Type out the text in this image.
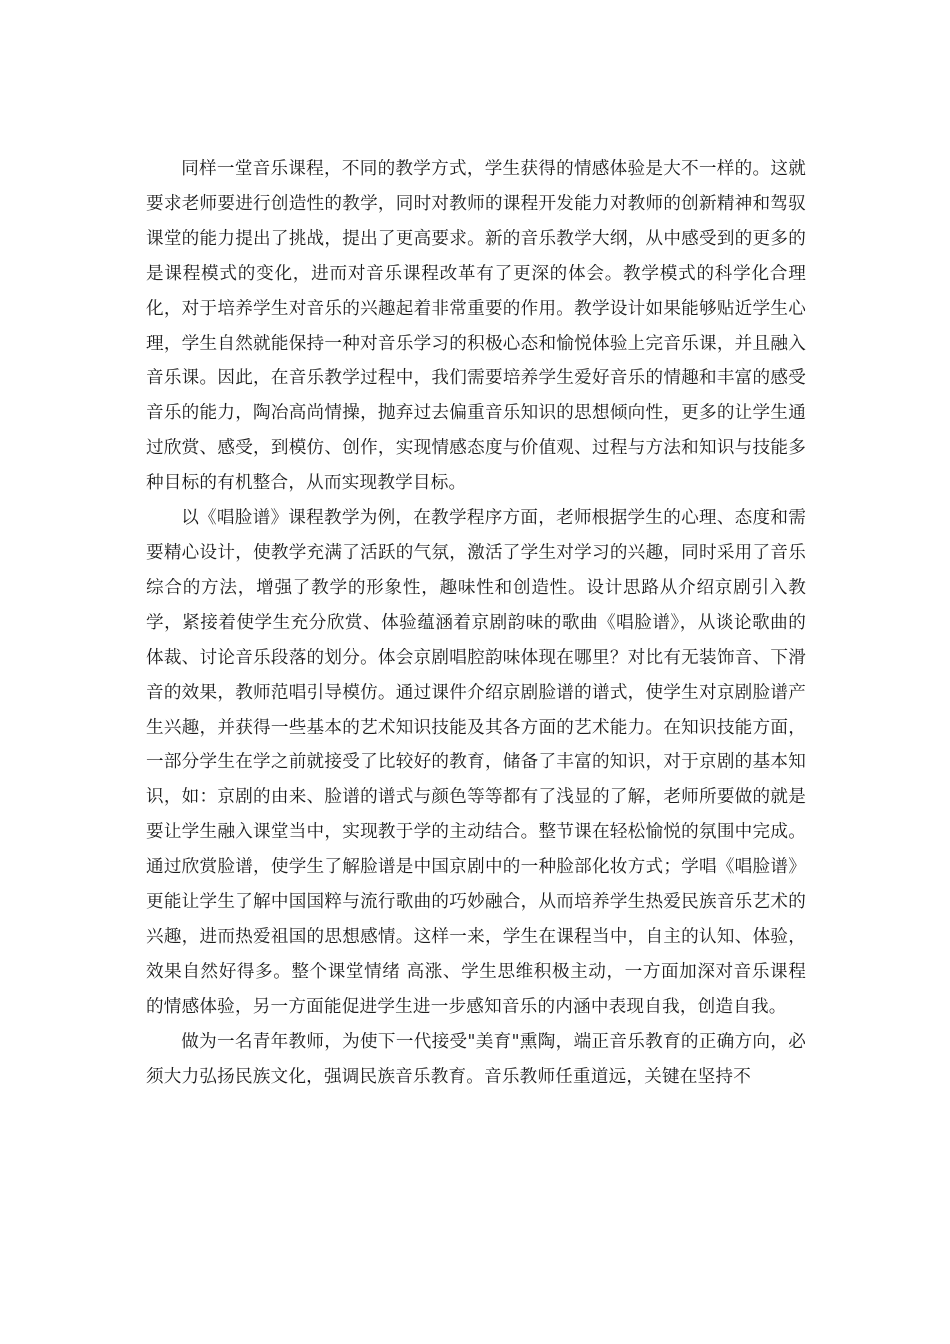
同样一堂音乐课程，不同的教学方式，学生获得的情感体验是大不一样的。这就要求老师要进行创造性的教学，同时对教师的课程开发能力对教师的创新精神和驾驭课堂的能力提出了挑战，提出了更高要求。新的音乐教学大纲，从中感受到的更多的是课程模式的变化，进而对音乐课程改革有了更深的体会。教学模式的科学化合理化，对于培养学生对音乐的兴趣起着非常重要的作用。教学设计如果能够贴近学生心理，学生自然就能保持一种对音乐学习的积极心态和愉悦体验上完音乐课，并且融入音乐课。因此，在音乐教学过程中，我们需要培养学生爱好音乐的情趣和丰富的感受音乐的能力，陶冶高尚情操，抛弃过去偏重音乐知识的思想倾向性，更多的让学生通过欣赏、感受，到模仿、创作，实现情感态度与价值观、过程与方法和知识与技能多种目标的有机整合，从而实现教学目标。

以《唱脸谱》课程教学为例，在教学程序方面，老师根据学生的心理、态度和需要精心设计，使教学充满了活跃的气氛，激活了学生对学习的兴趣，同时采用了音乐综合的方法，增强了教学的形象性，趣味性和创造性。设计思路从介绍京剧引入教学，紧接着使学生充分欣赏、体验蕴涵着京剧韵味的歌曲《唱脸谱》，从谈论歌曲的体裁、讨论音乐段落的划分。体会京剧唱腔韵味体现在哪里？对比有无装饰音、下滑音的效果，教师范唱引导模仿。通过课件介绍京剧脸谱的谱式，使学生对京剧脸谱产生兴趣，并获得一些基本的艺术知识技能及其各方面的艺术能力。在知识技能方面，一部分学生在学之前就接受了比较好的教育，储备了丰富的知识，对于京剧的基本知识，如：京剧的由来、脸谱的谱式与颜色等等都有了浅显的了解，老师所要做的就是要让学生融入课堂当中，实现教于学的主动结合。整节课在轻松愉悦的氛围中完成。通过欣赏脸谱，使学生了解脸谱是中国京剧中的一种脸部化妆方式；学唱《唱脸谱》 更能让学生了解中国国粹与流行歌曲的巧妙融合，从而培养学生热爱民族音乐艺术的兴趣，进而热爱祖国的思想感情。这样一来，学生在课程当中，自主的认知、体验，效果自然好得多。整个课堂情绪 高涨、学生思维积极主动，一方面加深对音乐课程的情感体验，另一方面能促进学生进一步感知音乐的内涵中表现自我，创造自我。

做为一名青年教师，为使下一代接受"美育"熏陶，端正音乐教育的正确方向，必须大力弘扬民族文化，强调民族音乐教育。音乐教师任重道远，关键在坚持不
